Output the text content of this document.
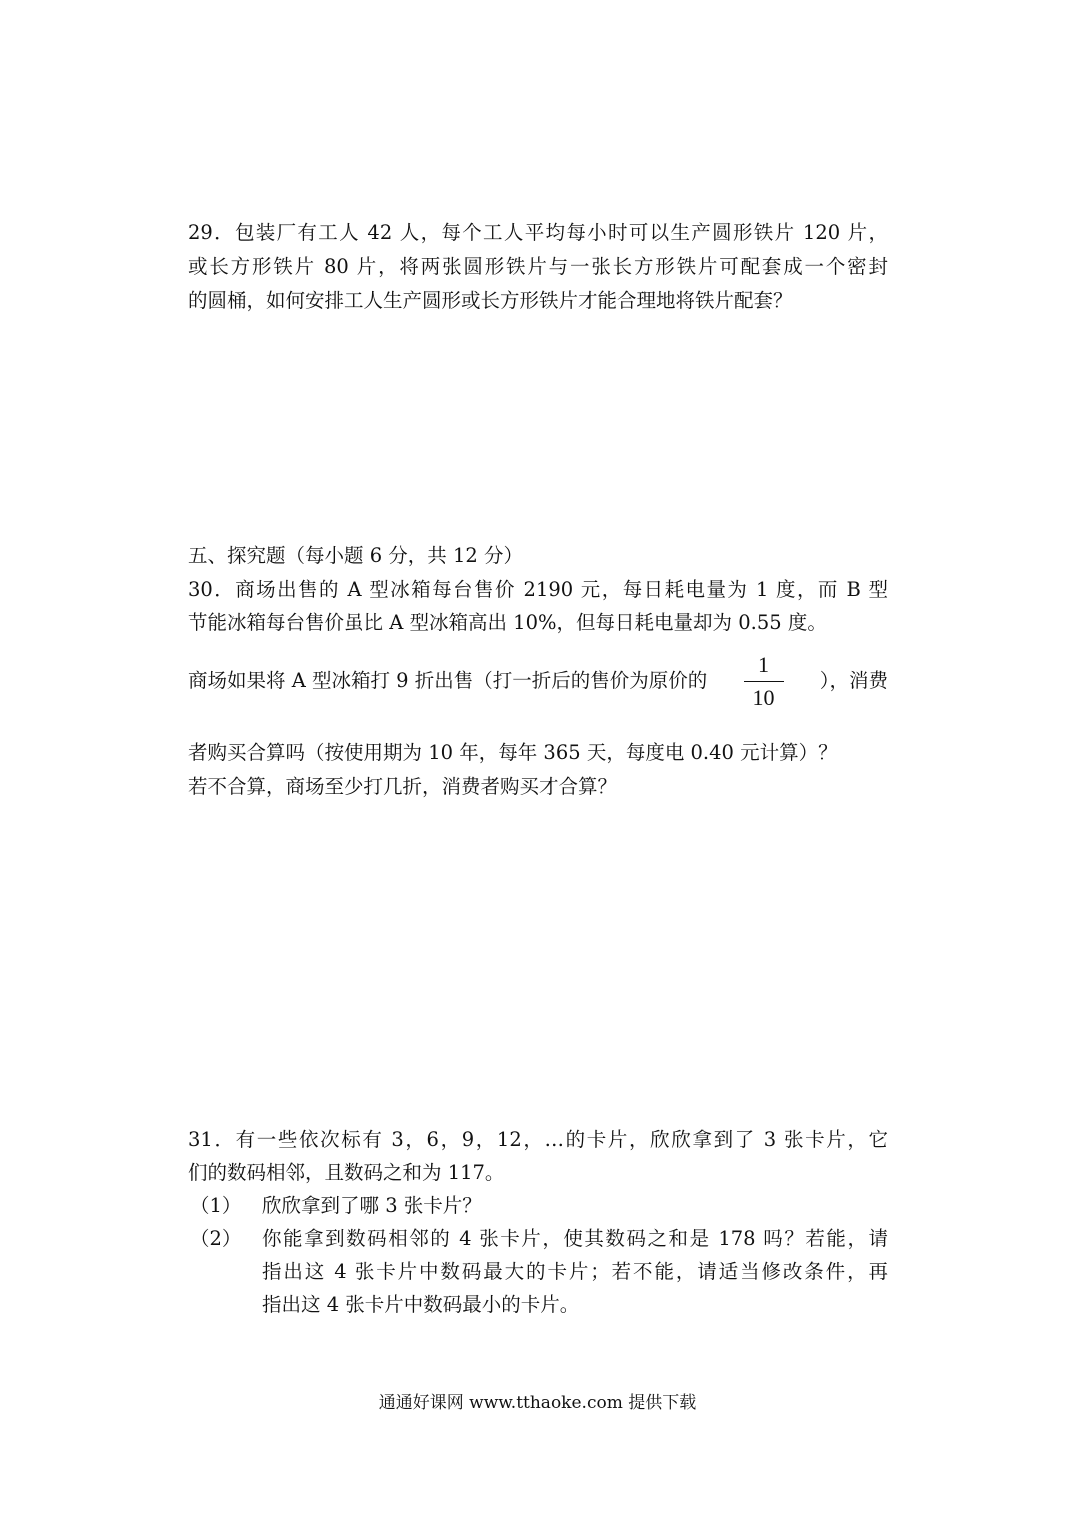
29．包装厂有工人 42 人，每个工人平均每小时可以生产圆形铁片 120 片，
或长方形铁片 80 片，将两张圆形铁片与一张长方形铁片可配套成一个密封
的圆桶，如何安排工人生产圆形或长方形铁片才能合理地将铁片配套？
五、探究题（每小题 6 分，共 12 分）
30．商场出售的 A 型冰箱每台售价 2190 元，每日耗电量为 1 度，而 B 型
节能冰箱每台售价虽比 A 型冰箱高出 10%，但每日耗电量却为 0.55 度。
商场如果将 A 型冰箱打 9 折出售（打一折后的售价为原价的 $\frac{1}{10}$ ），消费
者购买合算吗（按使用期为 10 年，每年 365 天，每度电 0.40 元计算）？
若不合算，商场至少打几折，消费者购买才合算？
31．有一些依次标有 3，6，9，12，…的卡片，欣欣拿到了 3 张卡片，它
们的数码相邻，且数码之和为 117。
（1） 欣欣拿到了哪 3 张卡片？
（2） 你能拿到数码相邻的 4 张卡片，使其数码之和是 178 吗？若能，请
指出这 4 张卡片中数码最大的卡片；若不能，请适当修改条件，再
指出这 4 张卡片中数码最小的卡片。
通通好课网 www.tthaoke.com 提供下载
